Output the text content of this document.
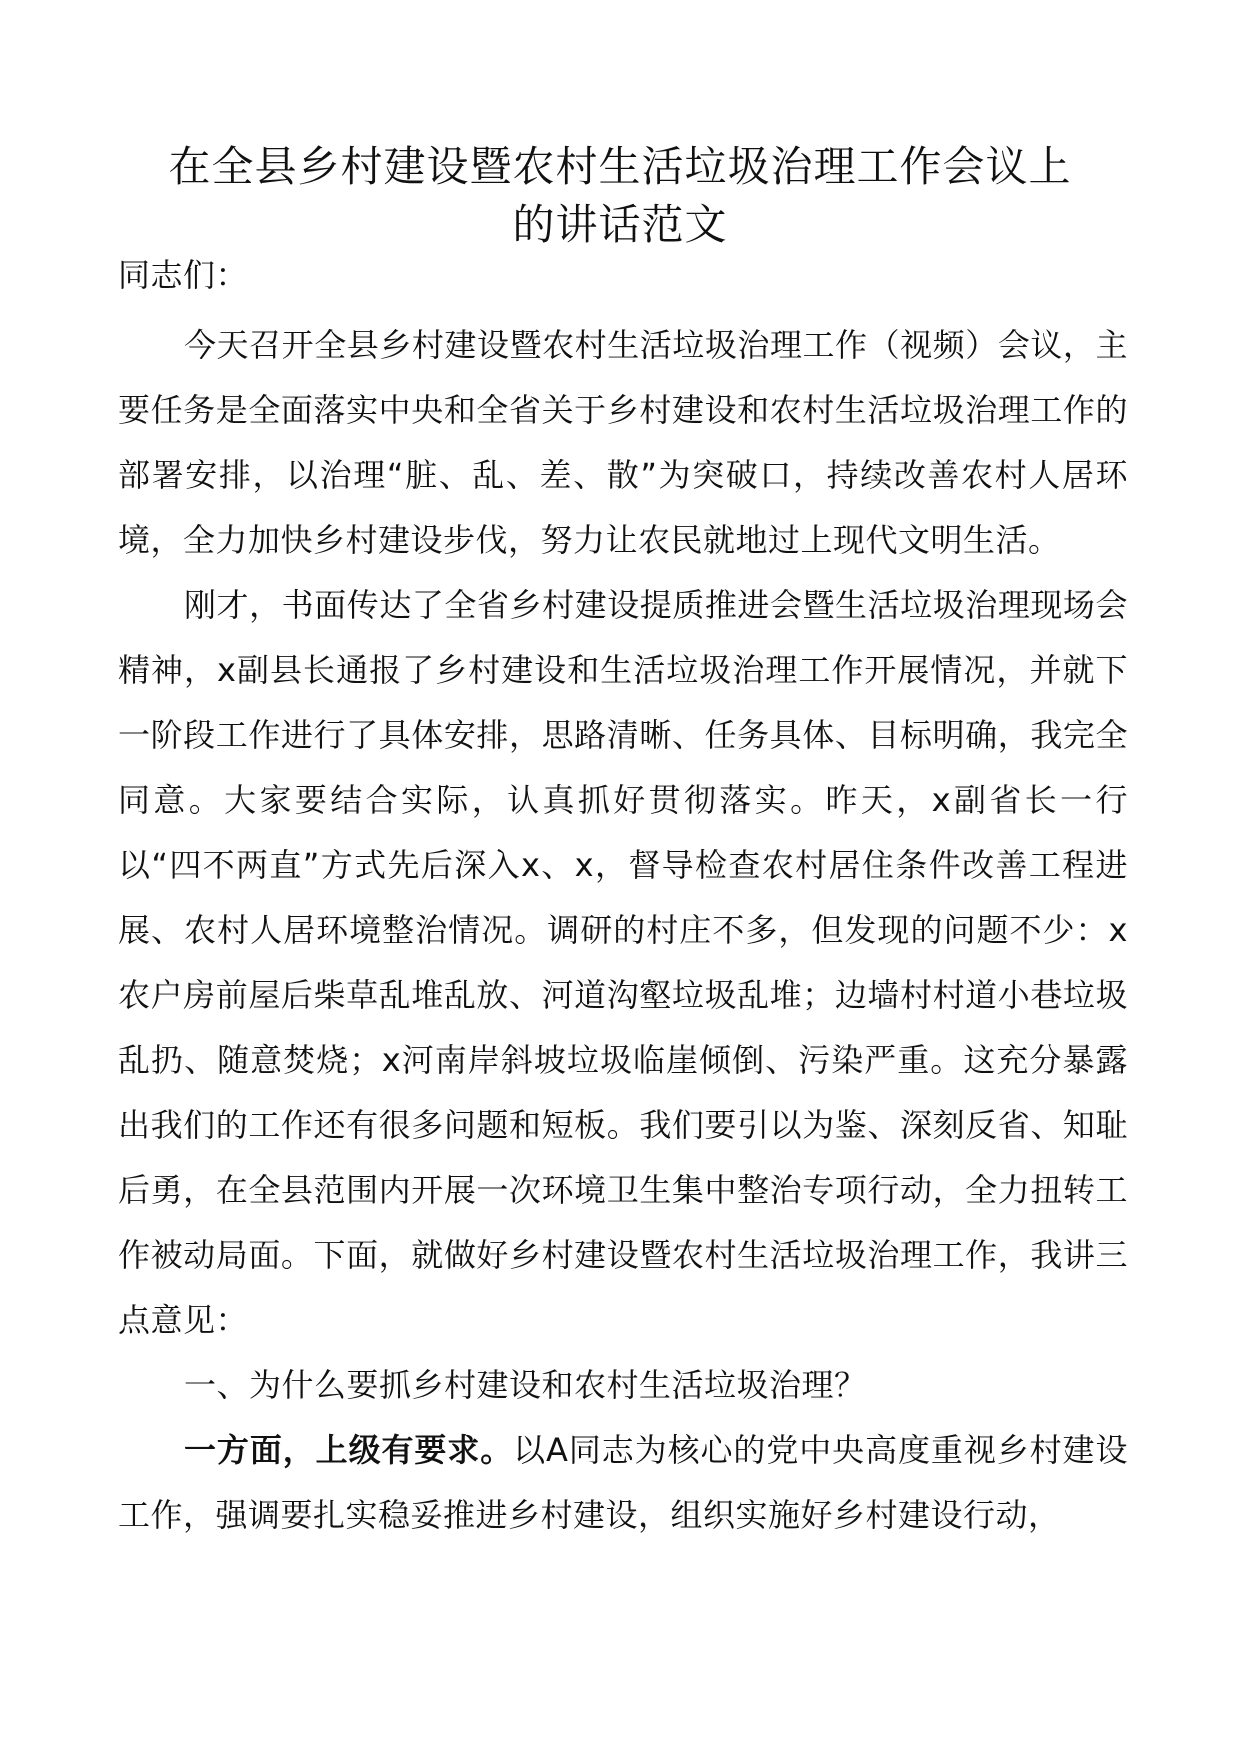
在全县乡村建设暨农村生活垃圾治理工作会议上
的讲话范文

同志们：

今天召开全县乡村建设暨农村生活垃圾治理工作（视频）会议，主要任务是全面落实中央和全省关于乡村建设和农村生活垃圾治理工作的部署安排，以治理“脏、乱、差、散”为突破口，持续改善农村人居环境，全力加快乡村建设步伐，努力让农民就地过上现代文明生活。

刚才，书面传达了全省乡村建设提质推进会暨生活垃圾治理现场会精神，x副县长通报了乡村建设和生活垃圾治理工作开展情况，并就下一阶段工作进行了具体安排，思路清晰、任务具体、目标明确，我完全同意。大家要结合实际，认真抓好贯彻落实。昨天，x副省长一行以“四不两直”方式先后深入x、x，督导检查农村居住条件改善工程进展、农村人居环境整治情况。调研的村庄不多，但发现的问题不少：x农户房前屋后柴草乱堆乱放、河道沟壑垃圾乱堆；边墙村村道小巷垃圾乱扔、随意焚烧；x河南岸斜坡垃圾临崖倾倒、污染严重。这充分暴露出我们的工作还有很多问题和短板。我们要引以为鉴、深刻反省、知耻后勇，在全县范围内开展一次环境卫生集中整治专项行动，全力扭转工作被动局面。下面，就做好乡村建设暨农村生活垃圾治理工作，我讲三点意见：

一、为什么要抓乡村建设和农村生活垃圾治理？

一方面，上级有要求。以A同志为核心的党中央高度重视乡村建设工作，强调要扎实稳妥推进乡村建设，组织实施好乡村建设行动，
